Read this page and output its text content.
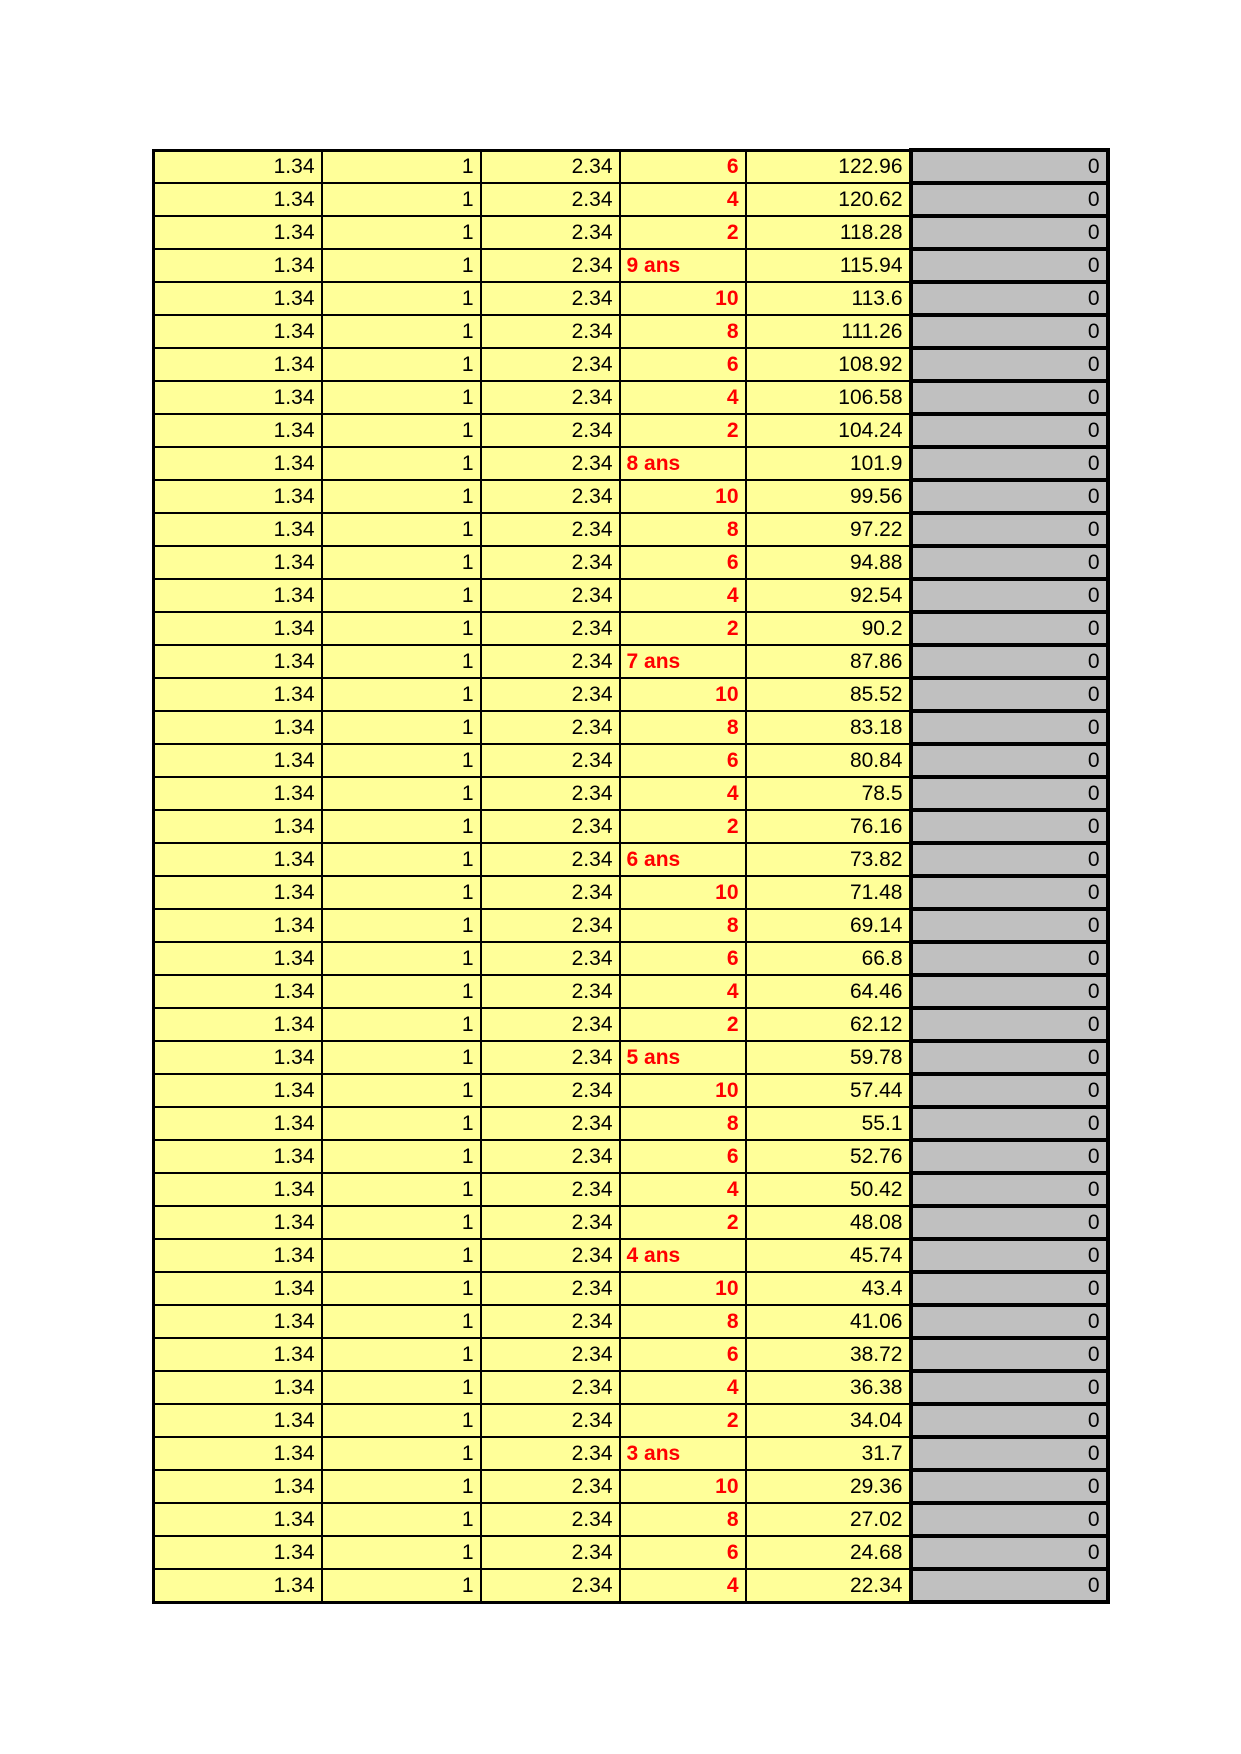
1.34	1	2.34	6	122.96	0
1.34	1	2.34	4	120.62	0
1.34	1	2.34	2	118.28	0
1.34	1	2.34	9 ans	115.94	0
1.34	1	2.34	10	113.6	0
1.34	1	2.34	8	111.26	0
1.34	1	2.34	6	108.92	0
1.34	1	2.34	4	106.58	0
1.34	1	2.34	2	104.24	0
1.34	1	2.34	8 ans	101.9	0
1.34	1	2.34	10	99.56	0
1.34	1	2.34	8	97.22	0
1.34	1	2.34	6	94.88	0
1.34	1	2.34	4	92.54	0
1.34	1	2.34	2	90.2	0
1.34	1	2.34	7 ans	87.86	0
1.34	1	2.34	10	85.52	0
1.34	1	2.34	8	83.18	0
1.34	1	2.34	6	80.84	0
1.34	1	2.34	4	78.5	0
1.34	1	2.34	2	76.16	0
1.34	1	2.34	6 ans	73.82	0
1.34	1	2.34	10	71.48	0
1.34	1	2.34	8	69.14	0
1.34	1	2.34	6	66.8	0
1.34	1	2.34	4	64.46	0
1.34	1	2.34	2	62.12	0
1.34	1	2.34	5 ans	59.78	0
1.34	1	2.34	10	57.44	0
1.34	1	2.34	8	55.1	0
1.34	1	2.34	6	52.76	0
1.34	1	2.34	4	50.42	0
1.34	1	2.34	2	48.08	0
1.34	1	2.34	4 ans	45.74	0
1.34	1	2.34	10	43.4	0
1.34	1	2.34	8	41.06	0
1.34	1	2.34	6	38.72	0
1.34	1	2.34	4	36.38	0
1.34	1	2.34	2	34.04	0
1.34	1	2.34	3 ans	31.7	0
1.34	1	2.34	10	29.36	0
1.34	1	2.34	8	27.02	0
1.34	1	2.34	6	24.68	0
1.34	1	2.34	4	22.34	0
